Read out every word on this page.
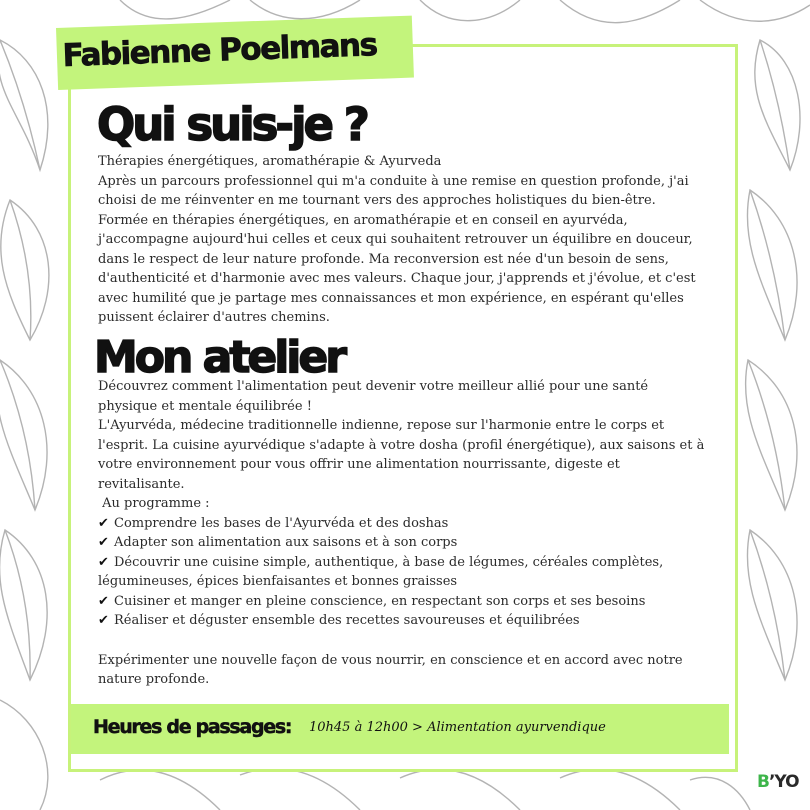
Fabienne Poelmans
Qui suis-je ?

Thérapies énergétiques, aromathérapie & Ayurveda

Après un parcours professionnel qui m'a conduite à une remise en question profonde, j'ai choisi de me réinventer en me tournant vers des approches holistiques du bien-être. Formée en thérapies énergétiques, en aromathérapie et en conseil en ayurvéda, j'accompagne aujourd'hui celles et ceux qui souhaitent retrouver un équilibre en douceur, dans le respect de leur nature profonde. Ma reconversion est née d'un besoin de sens, d'authenticité et d'harmonie avec mes valeurs. Chaque jour, j'apprends et j'évolue, et c'est avec humilité que je partage mes connaissances et mon expérience, en espérant qu'elles puissent éclairer d'autres chemins.

Mon atelier

Découvrez comment l'alimentation peut devenir votre meilleur allié pour une santé physique et mentale équilibrée !

L'Ayurvéda, médecine traditionnelle indienne, repose sur l'harmonie entre le corps et l'esprit. La cuisine ayurvédique s'adapte à votre dosha (profil énergétique), aux saisons et à votre environnement pour vous offrir une alimentation nourrissante, digeste et revitalisante.

Au programme :

✔ Comprendre les bases de l'Ayurvéda et des doshas

✔ Adapter son alimentation aux saisons et à son corps

✔ Découvrir une cuisine simple, authentique, à base de légumes, céréales complètes, légumineuses, épices bienfaisantes et bonnes graisses

✔ Cuisiner et manger en pleine conscience, en respectant son corps et ses besoins

✔ Réaliser et déguster ensemble des recettes savoureuses et équilibrées

Expérimenter une nouvelle façon de vous nourrir, en conscience et en accord avec notre nature profonde.

Heures de passages: 10h45 à 12h00 > Alimentation ayurvendique
B’YO
